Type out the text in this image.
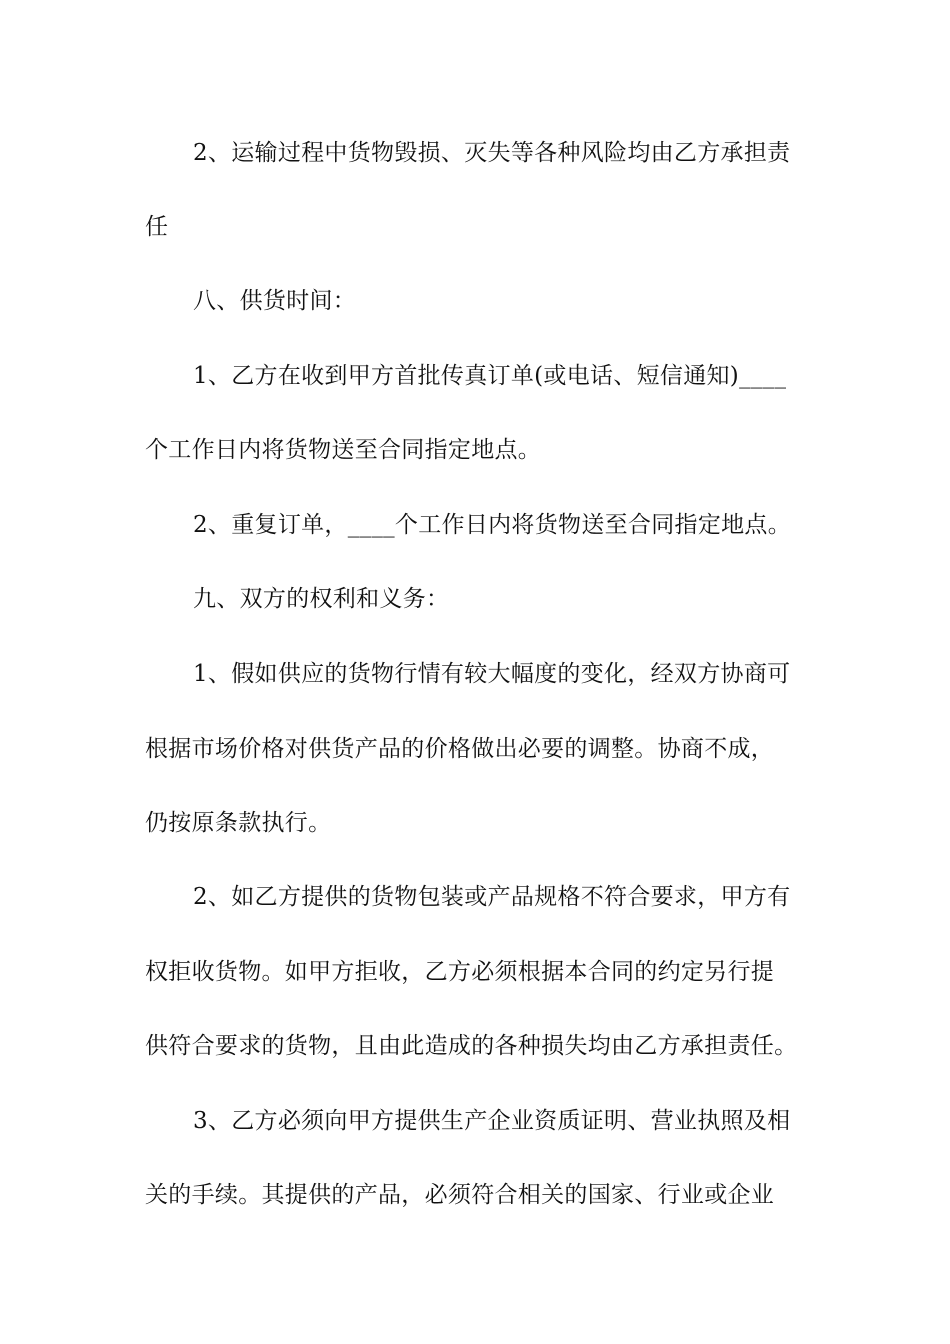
2、运输过程中货物毁损、灭失等各种风险均由乙方承担责
任
八、供货时间：
1、乙方在收到甲方首批传真订单(或电话、短信通知)____
个工作日内将货物送至合同指定地点。
2、重复订单，____个工作日内将货物送至合同指定地点。
九、双方的权利和义务：
1、假如供应的货物行情有较大幅度的变化，经双方协商可
根据市场价格对供货产品的价格做出必要的调整。协商不成，
仍按原条款执行。
2、如乙方提供的货物包装或产品规格不符合要求，甲方有
权拒收货物。如甲方拒收，乙方必须根据本合同的约定另行提
供符合要求的货物，且由此造成的各种损失均由乙方承担责任。
3、乙方必须向甲方提供生产企业资质证明、营业执照及相
关的手续。其提供的产品，必须符合相关的国家、行业或企业
